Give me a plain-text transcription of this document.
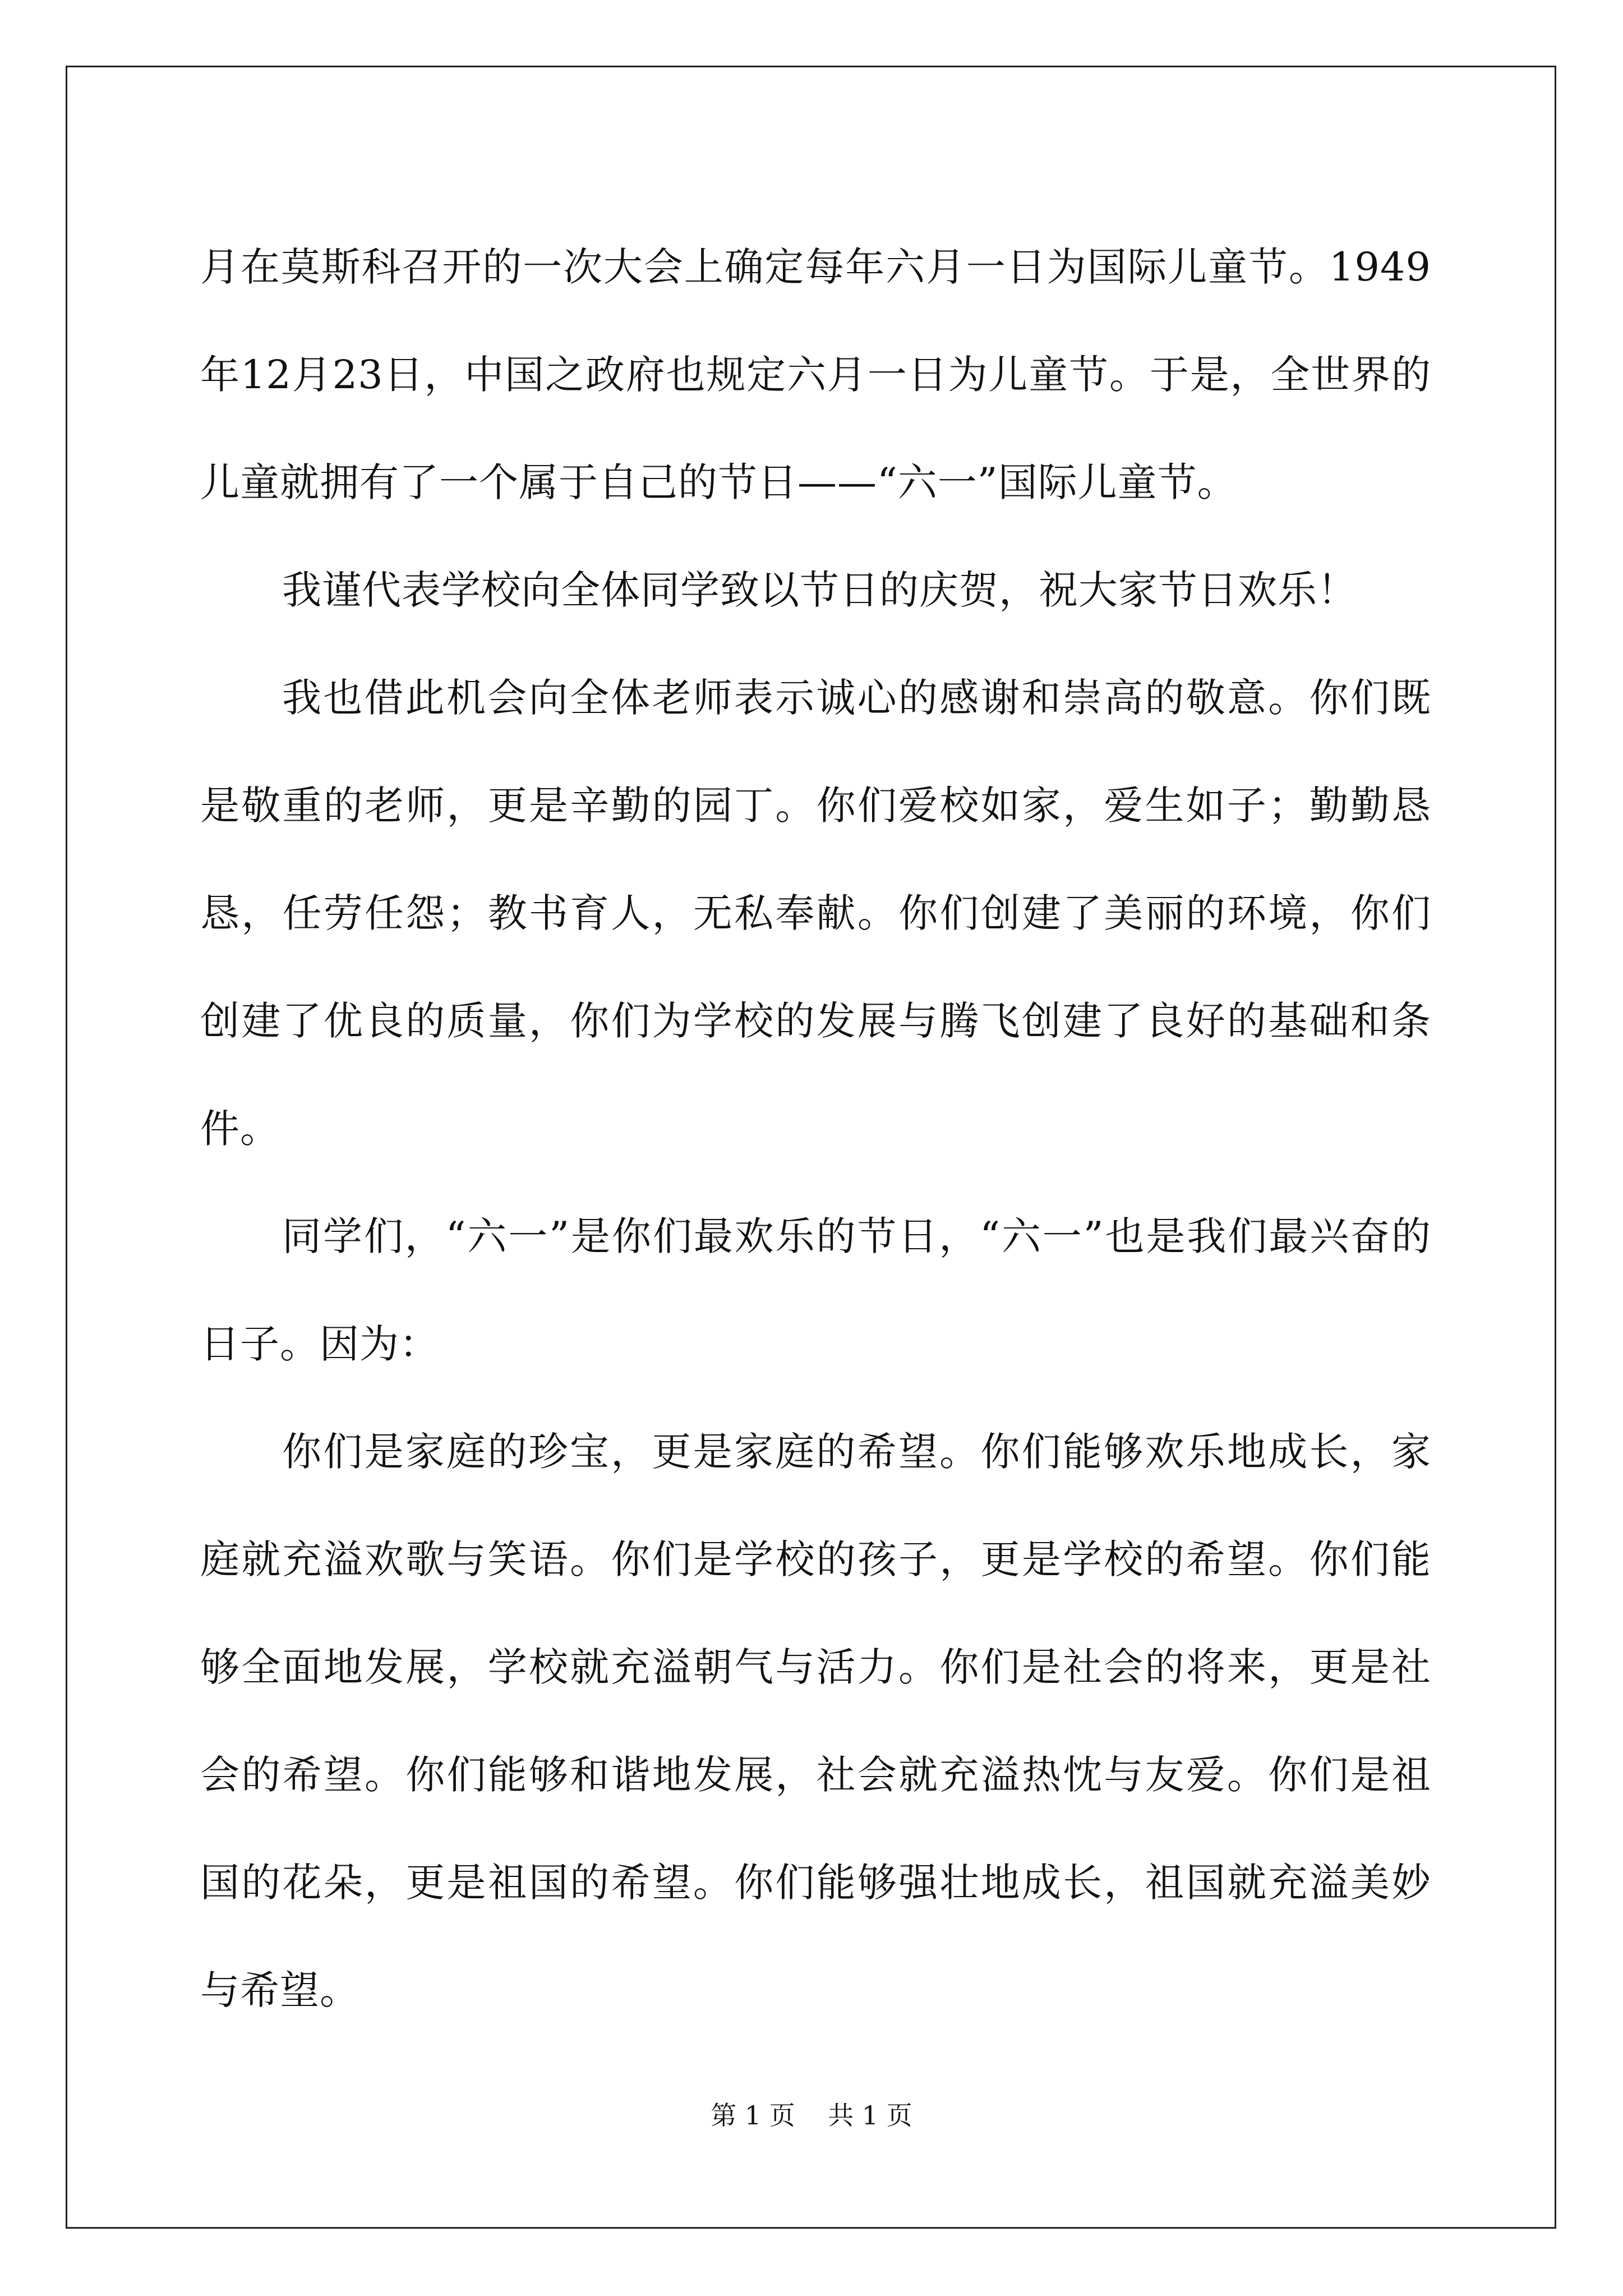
月在莫斯科召开的一次大会上确定每年六月一日为国际儿童节。1949年12月23日，中国之政府也规定六月一日为儿童节。于是，全世界的儿童就拥有了一个属于自己的节日——“六一”国际儿童节。

我谨代表学校向全体同学致以节日的庆贺，祝大家节日欢乐！

我也借此机会向全体老师表示诚心的感谢和崇高的敬意。你们既是敬重的老师，更是辛勤的园丁。你们爱校如家，爱生如子；勤勤恳恳，任劳任怨；教书育人，无私奉献。你们创建了美丽的环境，你们创建了优良的质量，你们为学校的发展与腾飞创建了良好的基础和条件。

同学们，“六一”是你们最欢乐的节日，“六一”也是我们最兴奋的日子。因为：

你们是家庭的珍宝，更是家庭的希望。你们能够欢乐地成长，家庭就充溢欢歌与笑语。你们是学校的孩子，更是学校的希望。你们能够全面地发展，学校就充溢朝气与活力。你们是社会的将来，更是社会的希望。你们能够和谐地发展，社会就充溢热忱与友爱。你们是祖国的花朵，更是祖国的希望。你们能够强壮地成长，祖国就充溢美妙与希望。

第 1 页    共 1 页
